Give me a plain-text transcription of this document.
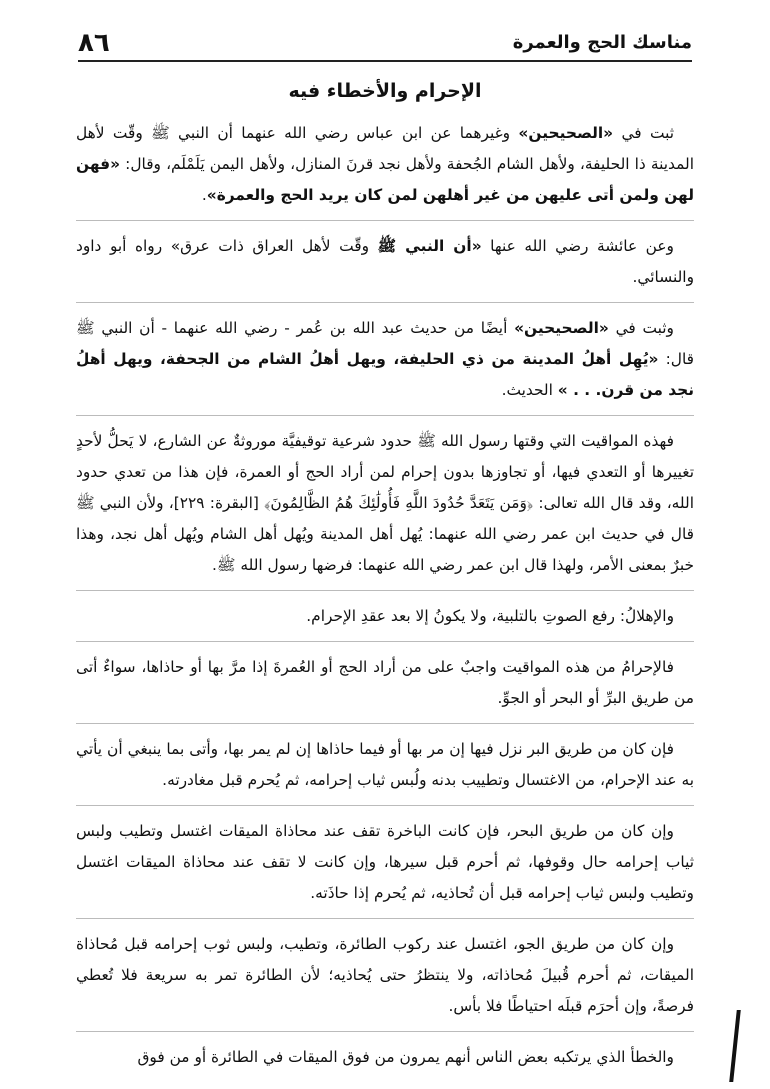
٨٦	مناسك الحج والعمرة
الإحرام والأخطاء فيه

ثبت في «الصحيحين» وغيرهما عن ابن عباس رضي الله عنهما أن النبي ﷺ وقّت لأهل المدينة ذا الحليفة، ولأهل الشام الجُحفة ولأهل نجد قرنَ المنازل، ولأهل اليمن يَلَمْلَم، وقال: «فهن لهن ولمن أتى عليهن من غير أهلهن لمن كان يريد الحج والعمرة».

وعن عائشة رضي الله عنها «أن النبي ﷺ وقّت لأهل العراق ذات عرق» رواه أبو داود والنسائي.

وثبت في «الصحيحين» أيضًا من حديث عبد الله بن عُمر - رضي الله عنهما - أن النبي ﷺ قال: «يُهِل أهلُ المدينة من ذي الحليفة، ويهل أهلُ الشام من الجحفة، ويهل أهلُ نجد من قرن. . . » الحديث.

فهذه المواقيت التي وقتها رسول الله ﷺ حدود شرعية توقيفيَّة موروثةٌ عن الشارع، لا يَحلُّ لأحدٍ تغييرها أو التعدي فيها، أو تجاوزها بدون إحرام لمن أراد الحج أو العمرة، فإن هذا من تعدي حدود الله، وقد قال الله تعالى: ﴿وَمَن يَتَعَدَّ حُدُودَ اللَّهِ فَأُولَٰئِكَ هُمُ الظَّالِمُونَ﴾ [البقرة: ٢٢٩]، ولأن النبي ﷺ قال في حديث ابن عمر رضي الله عنهما: يُهل أهل المدينة ويُهل أهل الشام ويُهل أهل نجد، وهذا خبرٌ بمعنى الأمر، ولهذا قال ابن عمر رضي الله عنهما: فرضها رسول الله ﷺ.

والإهلالُ: رفع الصوتِ بالتلبية، ولا يكونُ إلا بعد عقدِ الإحرام.

فالإحرامُ من هذه المواقيت واجبٌ على من أراد الحج أو العُمرةَ إذا مرَّ بها أو حاذاها، سواءٌ أتى من طريق البرِّ أو البحر أو الجوِّ.

فإن كان من طريق البر نزل فيها إن مر بها أو فيما حاذاها إن لم يمر بها، وأتى بما ينبغي أن يأتي به عند الإحرام، من الاغتسال وتطييب بدنه ولُبس ثياب إحرامه، ثم يُحرم قبل مغادرته.

وإن كان من طريق البحر، فإن كانت الباخرة تقف عند محاذاة الميقات اغتسل وتطيب ولبس ثياب إحرامه حال وقوفها، ثم أحرم قبل سيرها، وإن كانت لا تقف عند محاذاة الميقات اغتسل وتطيب ولبس ثياب إحرامه قبل أن تُحاذيه، ثم يُحرم إذا حاذَته.

وإن كان من طريق الجو، اغتسل عند ركوب الطائرة، وتطيب، ولبس ثوب إحرامه قبل مُحاذاة الميقات، ثم أحرم قُبيلَ مُحاذاته، ولا ينتظرُ حتى يُحاذيه؛ لأن الطائرة تمر به سريعة فلا تُعطي فرصةً، وإن أحرَم قبلَه احتياطًا فلا بأس.

والخطأ الذي يرتكبه بعض الناس أنهم يمرون من فوق الميقات في الطائرة أو من فوق
